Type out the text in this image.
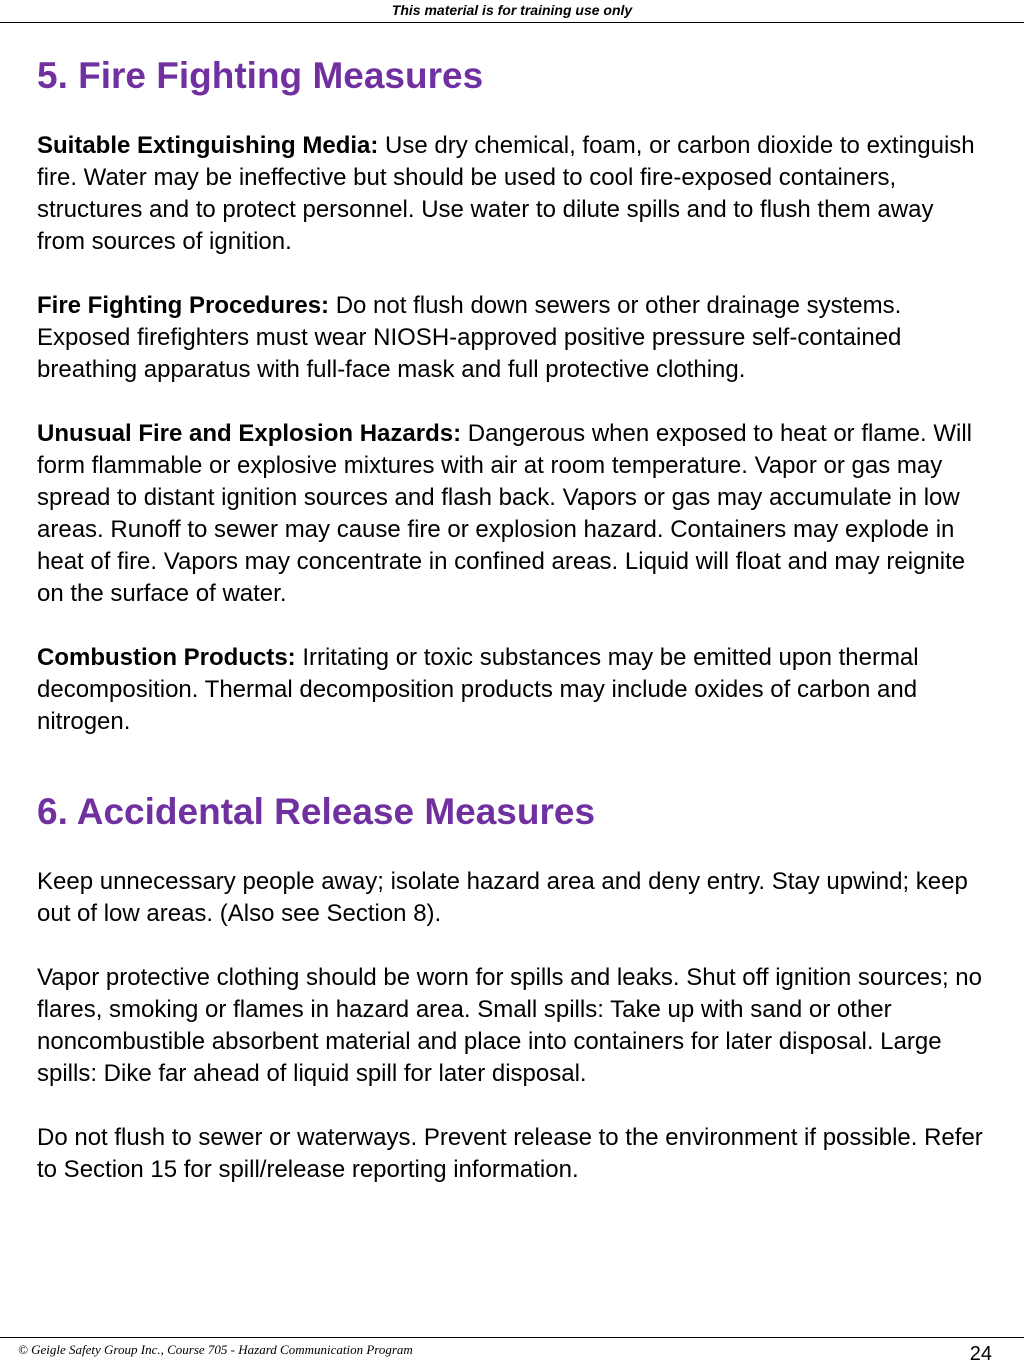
This material is for training use only
5. Fire Fighting Measures

Suitable Extinguishing Media: Use dry chemical, foam, or carbon dioxide to extinguish fire. Water may be ineffective but should be used to cool fire-exposed containers, structures and to protect personnel. Use water to dilute spills and to flush them away from sources of ignition.

Fire Fighting Procedures: Do not flush down sewers or other drainage systems. Exposed firefighters must wear NIOSH-approved positive pressure self-contained breathing apparatus with full-face mask and full protective clothing.

Unusual Fire and Explosion Hazards: Dangerous when exposed to heat or flame. Will form flammable or explosive mixtures with air at room temperature. Vapor or gas may spread to distant ignition sources and flash back. Vapors or gas may accumulate in low areas. Runoff to sewer may cause fire or explosion hazard. Containers may explode in heat of fire. Vapors may concentrate in confined areas. Liquid will float and may reignite on the surface of water.

Combustion Products: Irritating or toxic substances may be emitted upon thermal decomposition. Thermal decomposition products may include oxides of carbon and nitrogen.

6. Accidental Release Measures

Keep unnecessary people away; isolate hazard area and deny entry. Stay upwind; keep out of low areas. (Also see Section 8).

Vapor protective clothing should be worn for spills and leaks. Shut off ignition sources; no flares, smoking or flames in hazard area. Small spills: Take up with sand or other noncombustible absorbent material and place into containers for later disposal. Large spills: Dike far ahead of liquid spill for later disposal.

Do not flush to sewer or waterways. Prevent release to the environment if possible. Refer to Section 15 for spill/release reporting information.

© Geigle Safety Group Inc., Course 705 - Hazard Communication Program	24
